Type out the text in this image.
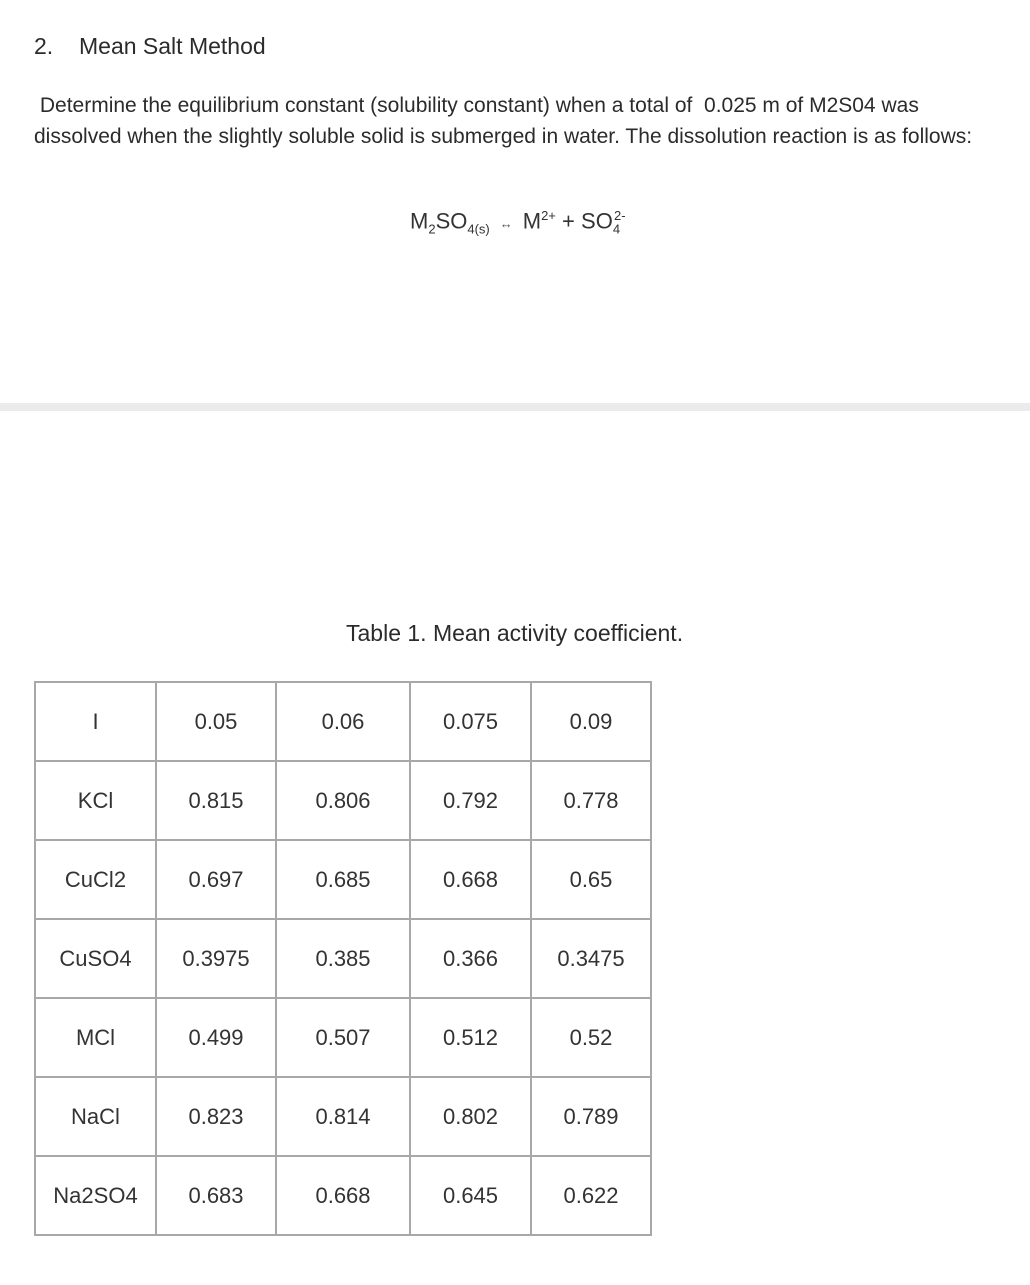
2. Mean Salt Method

Determine the equilibrium constant (solubility constant) when a total of 0.025 m of M2S04 was dissolved when the slightly soluble solid is submerged in water. The dissolution reaction is as follows:

$M_2SO_{4(s)}$ ↔ $M^{2+} + SO_4^{2-}$
Table 1. Mean activity coefficient.
I	0.05	0.06	0.075	0.09
KCl	0.815	0.806	0.792	0.778
CuCl2	0.697	0.685	0.668	0.65
CuSO4	0.3975	0.385	0.366	0.3475
MCl	0.499	0.507	0.512	0.52
NaCl	0.823	0.814	0.802	0.789
Na2SO4	0.683	0.668	0.645	0.622
